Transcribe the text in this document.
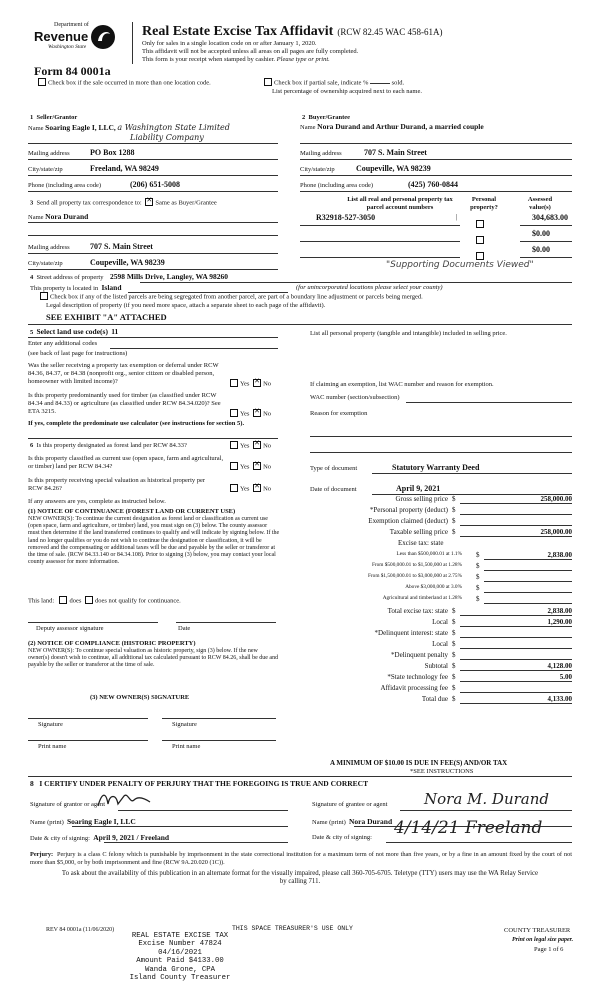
Department of
Revenue
Washington State
Form 84 0001a
Real Estate Excise Tax Affidavit (RCW 82.45 WAC 458-61A)
Only for sales in a single location code on or after January 1, 2020.
This affidavit will not be accepted unless all areas on all pages are fully completed.
This form is your receipt when stamped by cashier. Please type or print.
Check box if the sale occurred in more than one location code.	Check box if partial sale, indicate %	sold.
List percentage of ownership acquired next to each name.
1 Seller/Grantor
Name Soaring Eagle I, LLC, a Washington State Limited
Liability Company
Mailing address	PO Box 1288
City/state/zip	Freeland, WA 98249
Phone (including area code)	(206) 651-5008
2 Buyer/Grantee
Name Nora Durand and Arthur Durand, a married couple
Mailing address	707 S. Main Street
City/state/zip	Coupeville, WA 98239
Phone (including area code)	(425) 760-0844
3 Send all property tax correspondence to: ✕ Same as Buyer/Grantee
Name Nora Durand
Mailing address	707 S. Main Street
City/state/zip	Coupeville, WA 98239
List all real and personal property tax parcel account numbers
Personal property?
Assessed value(s)
R32918-527-3050	|	304,683.00
$0.00
$0.00
"Supporting Documents Viewed"
4 Street address of property 2598 Mills Drive, Langley, WA 98260
This property is located in Island	(for unincorporated locations please select your county)
Check box if any of the listed parcels are being segregated from another parcel, are part of a boundary line adjustment or parcels being merged.
Legal description of property (if you need more space, attach a separate sheet to each page of the affidavit).
SEE EXHIBIT "A" ATTACHED
5 Select land use code(s) 11
Enter any additional codes
(see back of last page for instructions)
Was the seller receiving a property tax exemption or deferral under RCW 84.36, 84.37, or 84.38 (nonprofit org., senior citizen or disabled person, homeowner with limited income)?	Yes ✕ No
Is this property predominantly used for timber (as classified under RCW 84.34 and 84.33) or agriculture (as classified under RCW 84.34.020)? See ETA 3215.	Yes ✕ No
If yes, complete the predominate use calculator (see instructions for section 5).
List all personal property (tangible and intangible) included in selling price.
If claiming an exemption, list WAC number and reason for exemption.
WAC number (section/subsection)
Reason for exemption
6 Is this property designated as forest land per RCW 84.33?	Yes ✕ No
Is this property classified as current use (open space, farm and agricultural, or timber) land per RCW 84.34?	Yes ✕ No
Is this property receiving special valuation as historical property per RCW 84.26?	Yes ✕ No
If any answers are yes, complete as instructed below.
(1) NOTICE OF CONTINUANCE (FOREST LAND OR CURRENT USE)
NEW OWNER(S): To continue the current designation as forest land or classification as current use (open space, farm and agriculture, or timber) land, you must sign on (3) below. The county assessor must then determine if the land transferred continues to qualify and will indicate by signing below. If the land no longer qualifies or you do not wish to continue the designation or classification, it will be removed and the compensating or additional taxes will be due and payable by the seller or transferor at the time of sale. (RCW 84.33.140 or 84.34.108). Prior to signing (3) below, you may contact your local county assessor for more information.
This land: does does not qualify for continuance.
Deputy assessor signature	Date
(2) NOTICE OF COMPLIANCE (HISTORIC PROPERTY)
NEW OWNER(S): To continue special valuation as historic property, sign (3) below. If the new owner(s) doesn't wish to continue, all additional tax calculated pursuant to RCW 84.26, shall be due and payable by the seller or transferor at the time of sale.
(3) NEW OWNER(S) SIGNATURE
Signature	Signature
Print name	Print name
Type of document	Statutory Warranty Deed
Date of document	April 9, 2021
Gross selling price $	258,000.00
*Personal property (deduct) $
Exemption claimed (deduct) $
Taxable selling price $	258,000.00
Excise tax: state
Less than $500,000.01 at 1.1% $	2,838.00
From $500,000.01 to $1,500,000 at 1.28% $
From $1,500,000.01 to $3,000,000 at 2.75% $
Above $3,000,000 at 3.0% $
Agricultural and timberland at 1.28% $
Total excise tax: state $	2,838.00
Local $	1,290.00
*Delinquent interest: state $
Local $
*Delinquent penalty $
Subtotal $	4,128.00
*State technology fee $	5.00
Affidavit processing fee $
Total due $	4,133.00
A MINIMUM OF $10.00 IS DUE IN FEE(S) AND/OR TAX
*SEE INSTRUCTIONS
8 I CERTIFY UNDER PENALTY OF PERJURY THAT THE FOREGOING IS TRUE AND CORRECT
Signature of grantor or agent	Signature of grantee or agent Nora M. Durand
Name (print) Soaring Eagle I, LLC	Name (print) Nora Durand
Date & city of signing: April 9, 2021 / Freeland	Date & city of signing: 4/14/21 Freeland
Perjury: Perjury is a class C felony which is punishable by imprisonment in the state correctional institution for a maximum term of not more than five years, or by a fine in an amount fixed by the court of not more than $5,000, or by both imprisonment and fine (RCW 9A.20.020 (1C)).
To ask about the availability of this publication in an alternate format for the visually impaired, please call 360-705-6705. Teletype (TTY) users may use the WA Relay Service by calling 711.
REV 84 0001a (11/06/2020)	THIS SPACE TREASURER'S USE ONLY
REAL ESTATE EXCISE TAX
Excise Number 47824
04/16/2021
Amount Paid $4133.00
Wanda Grone, CPA
Island County Treasurer
COUNTY TREASURER
Print on legal size paper.
Page 1 of 6
